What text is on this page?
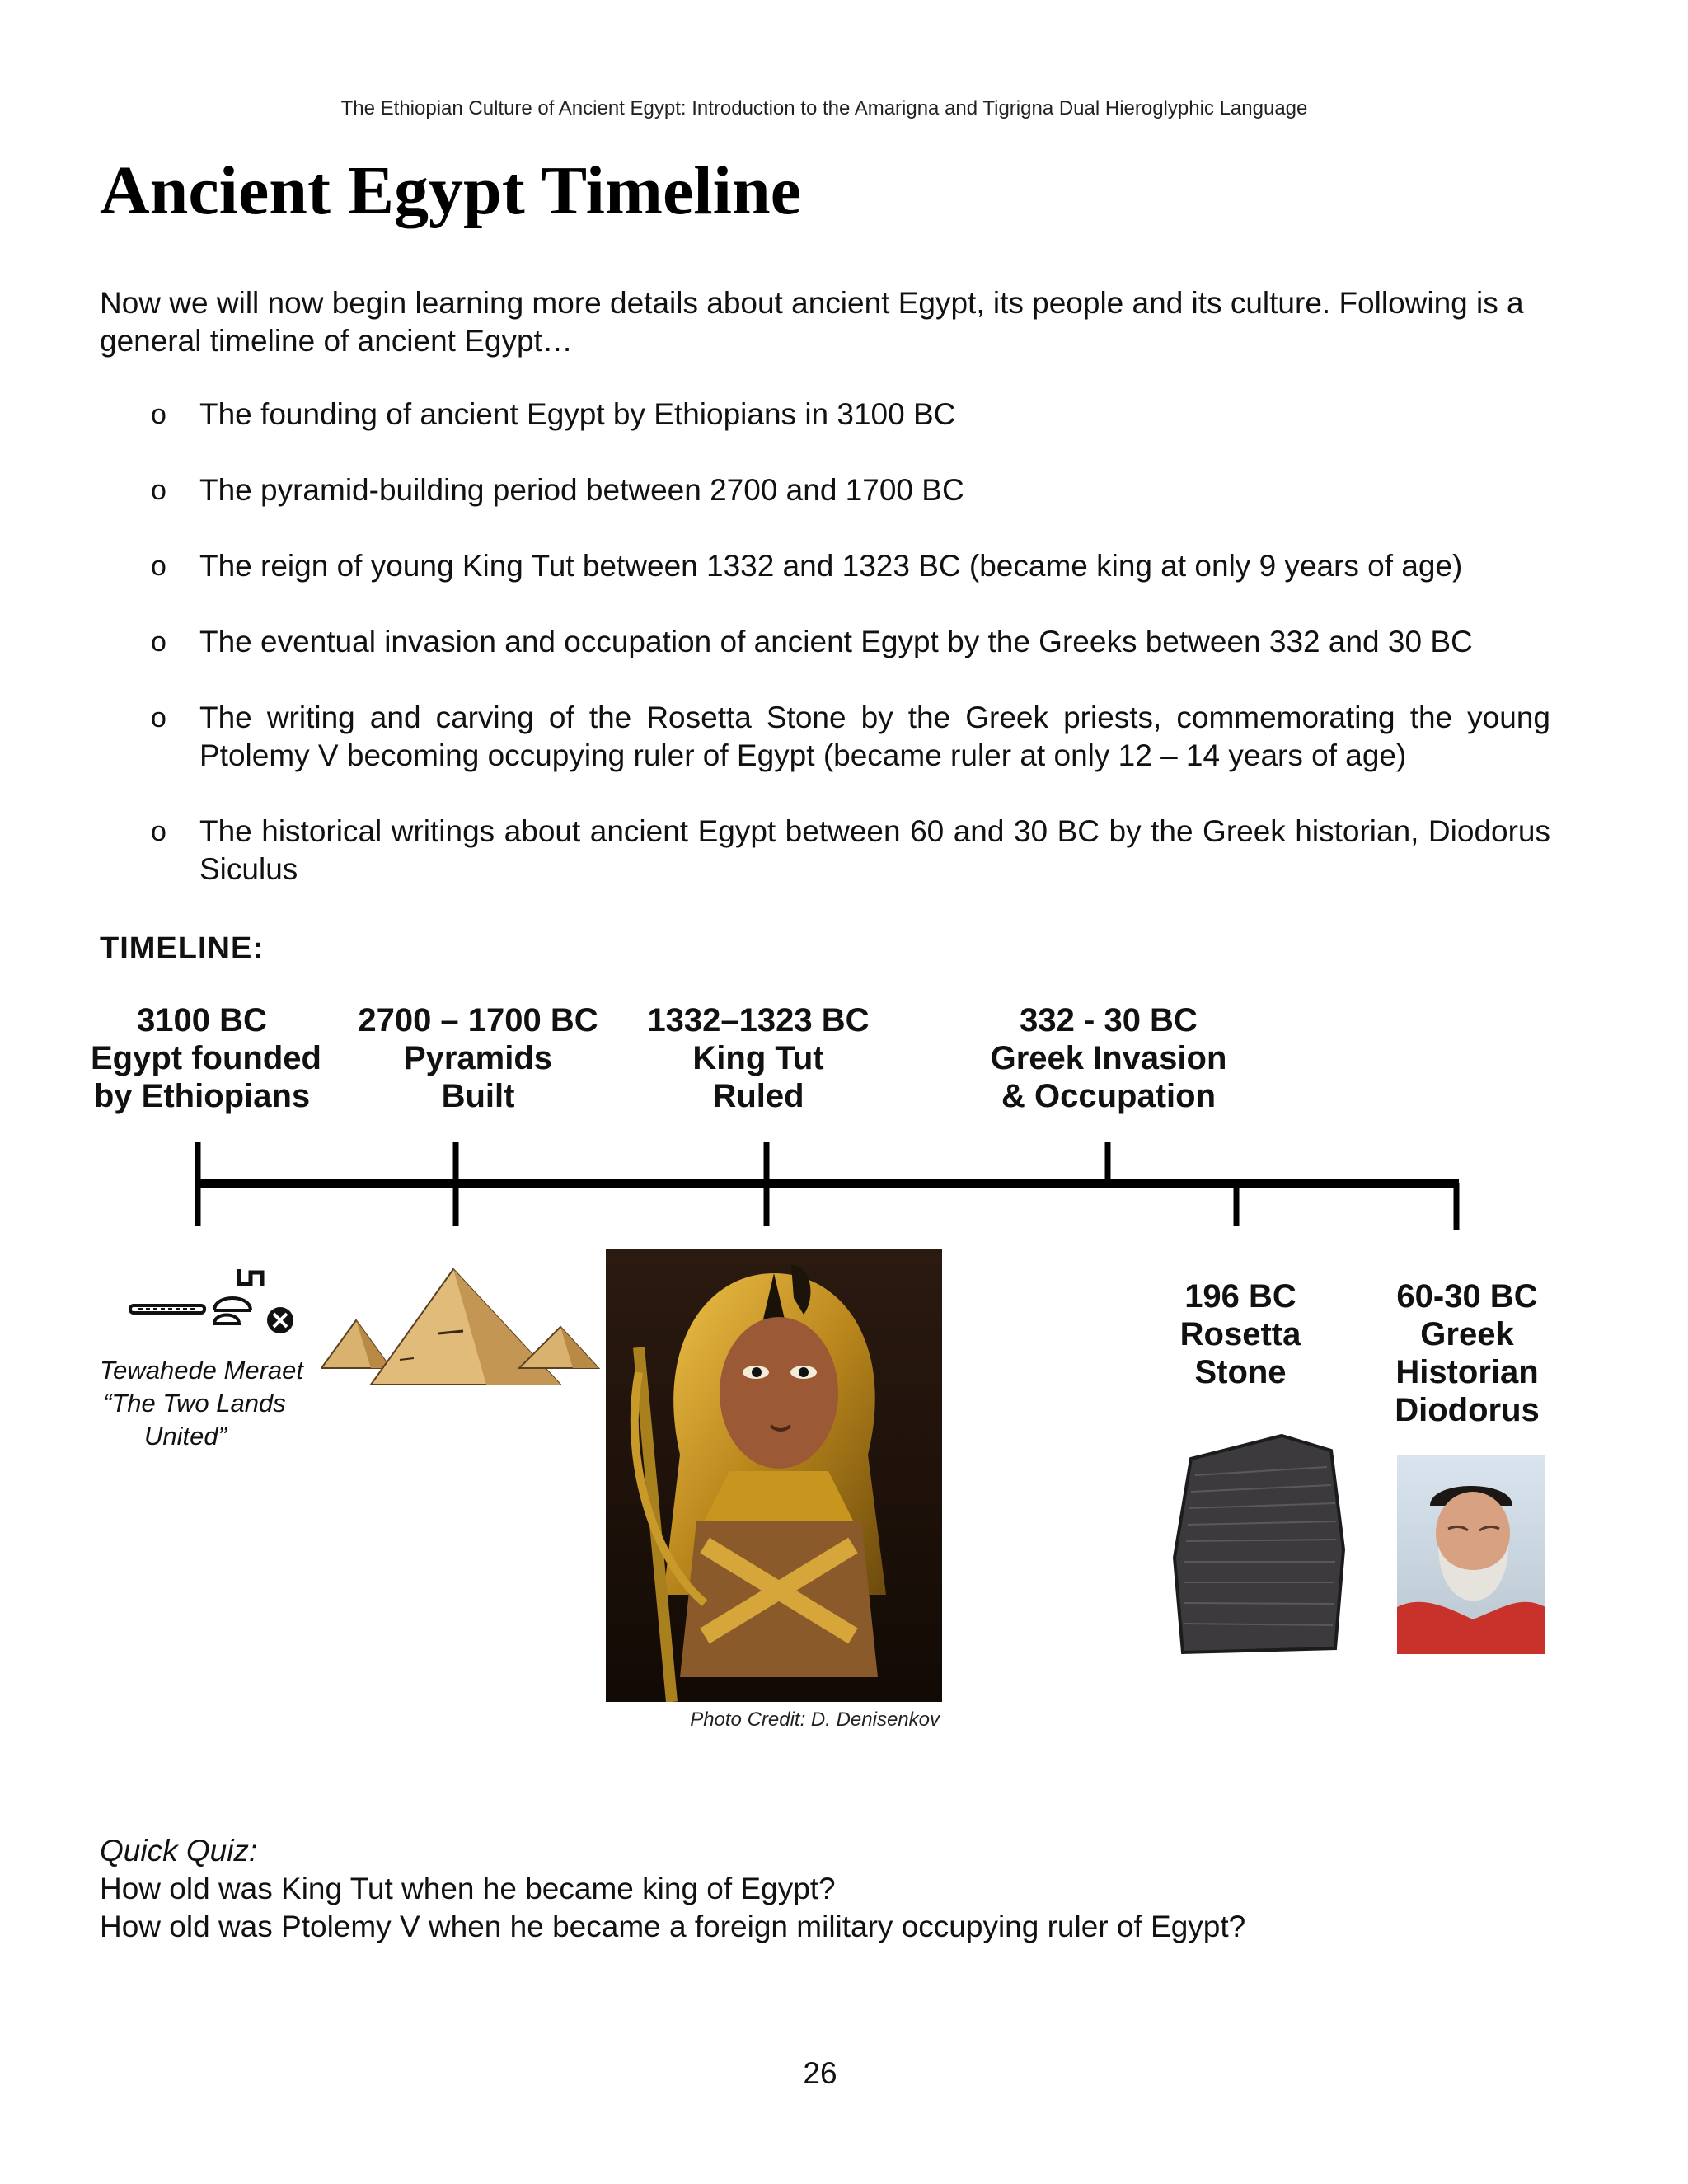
The Ethiopian Culture of Ancient Egypt: Introduction to the Amarigna and Tigrigna Dual Hieroglyphic Language
Ancient Egypt Timeline

Now we will now begin learning more details about ancient Egypt, its people and its culture. Following is a general timeline of ancient Egypt…

o The founding of ancient Egypt by Ethiopians in 3100 BC
o The pyramid-building period between 2700 and 1700 BC
o The reign of young King Tut between 1332 and 1323 BC (became king at only 9 years of age)
o The eventual invasion and occupation of ancient Egypt by the Greeks between 332 and 30 BC
o The writing and carving of the Rosetta Stone by the Greek priests, commemorating the young Ptolemy V becoming occupying ruler of Egypt (became ruler at only 12 – 14 years of age)
o The historical writings about ancient Egypt between 60 and 30 BC by the Greek historian, Diodorus Siculus
TIMELINE:
3100 BC
Egypt founded
by Ethiopians
2700 – 1700 BC
Pyramids
Built
1332–1323 BC
King Tut
Ruled
332 - 30 BC
Greek Invasion
& Occupation
Tewahede Meraet
“The Two Lands
United”
Photo Credit: D. Denisenkov
196 BC
Rosetta
Stone
60-30 BC
Greek
Historian
Diodorus

Quick Quiz:

How old was King Tut when he became king of Egypt?

How old was Ptolemy V when he became a foreign military occupying ruler of Egypt?

26
